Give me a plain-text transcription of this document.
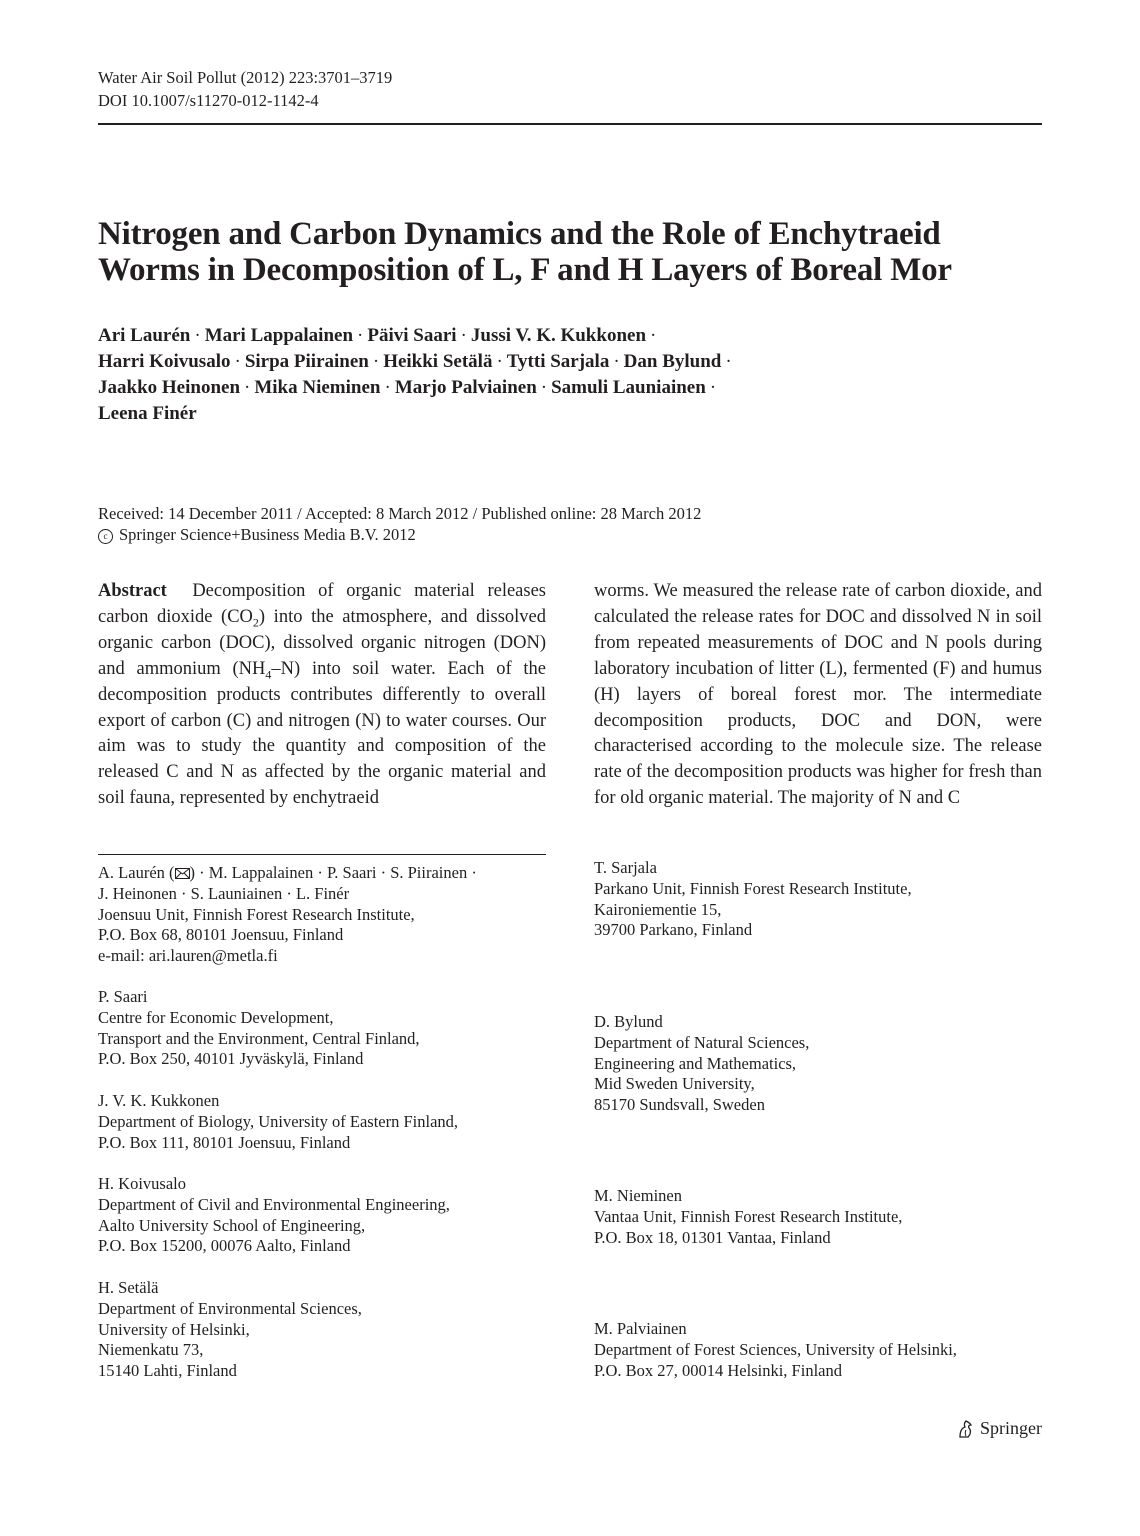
Water Air Soil Pollut (2012) 223:3701–3719
DOI 10.1007/s11270-012-1142-4
Nitrogen and Carbon Dynamics and the Role of Enchytraeid
Worms in Decomposition of L, F and H Layers of Boreal Mor
Ari Laurén · Mari Lappalainen · Päivi Saari · Jussi V. K. Kukkonen ·
Harri Koivusalo · Sirpa Piirainen · Heikki Setälä · Tytti Sarjala · Dan Bylund ·
Jaakko Heinonen · Mika Nieminen · Marjo Palviainen · Samuli Launiainen ·
Leena Finér
Received: 14 December 2011 / Accepted: 8 March 2012 / Published online: 28 March 2012
c Springer Science+Business Media B.V. 2012
Abstract Decomposition of organic material releases carbon dioxide $(CO_2)$ into the atmosphere, and dissolved organic carbon (DOC), dissolved organic nitrogen (DON) and ammonium $(NH_4-N)$ into soil water. Each of the decomposition products contributes differently to overall export of carbon (C) and nitrogen (N) to water courses. Our aim was to study the quantity and composition of the released C and N as affected by the organic material and soil fauna, represented by enchytraeid
worms. We measured the release rate of carbon dioxide, and calculated the release rates for DOC and dissolved N in soil from repeated measurements of DOC and N pools during laboratory incubation of litter (L), fermented (F) and humus (H) layers of boreal forest mor. The intermediate decomposition products, DOC and DON, were characterised according to the molecule size. The release rate of the decomposition products was higher for fresh than for old organic material. The majority of N and C
A. Laurén ( ) · M. Lappalainen · P. Saari · S. Piirainen ·
J. Heinonen · S. Launiainen · L. Finér
Joensuu Unit, Finnish Forest Research Institute,
P.O. Box 68, 80101 Joensuu, Finland
e-mail: ari.lauren@metla.fi
P. Saari
Centre for Economic Development,
Transport and the Environment, Central Finland,
P.O. Box 250, 40101 Jyväskylä, Finland
J. V. K. Kukkonen
Department of Biology, University of Eastern Finland,
P.O. Box 111, 80101 Joensuu, Finland
H. Koivusalo
Department of Civil and Environmental Engineering,
Aalto University School of Engineering,
P.O. Box 15200, 00076 Aalto, Finland
H. Setälä
Department of Environmental Sciences,
University of Helsinki,
Niemenkatu 73,
15140 Lahti, Finland
T. Sarjala
Parkano Unit, Finnish Forest Research Institute,
Kaironiementie 15,
39700 Parkano, Finland
D. Bylund
Department of Natural Sciences,
Engineering and Mathematics,
Mid Sweden University,
85170 Sundsvall, Sweden
M. Nieminen
Vantaa Unit, Finnish Forest Research Institute,
P.O. Box 18, 01301 Vantaa, Finland
M. Palviainen
Department of Forest Sciences, University of Helsinki,
P.O. Box 27, 00014 Helsinki, Finland
Springer
